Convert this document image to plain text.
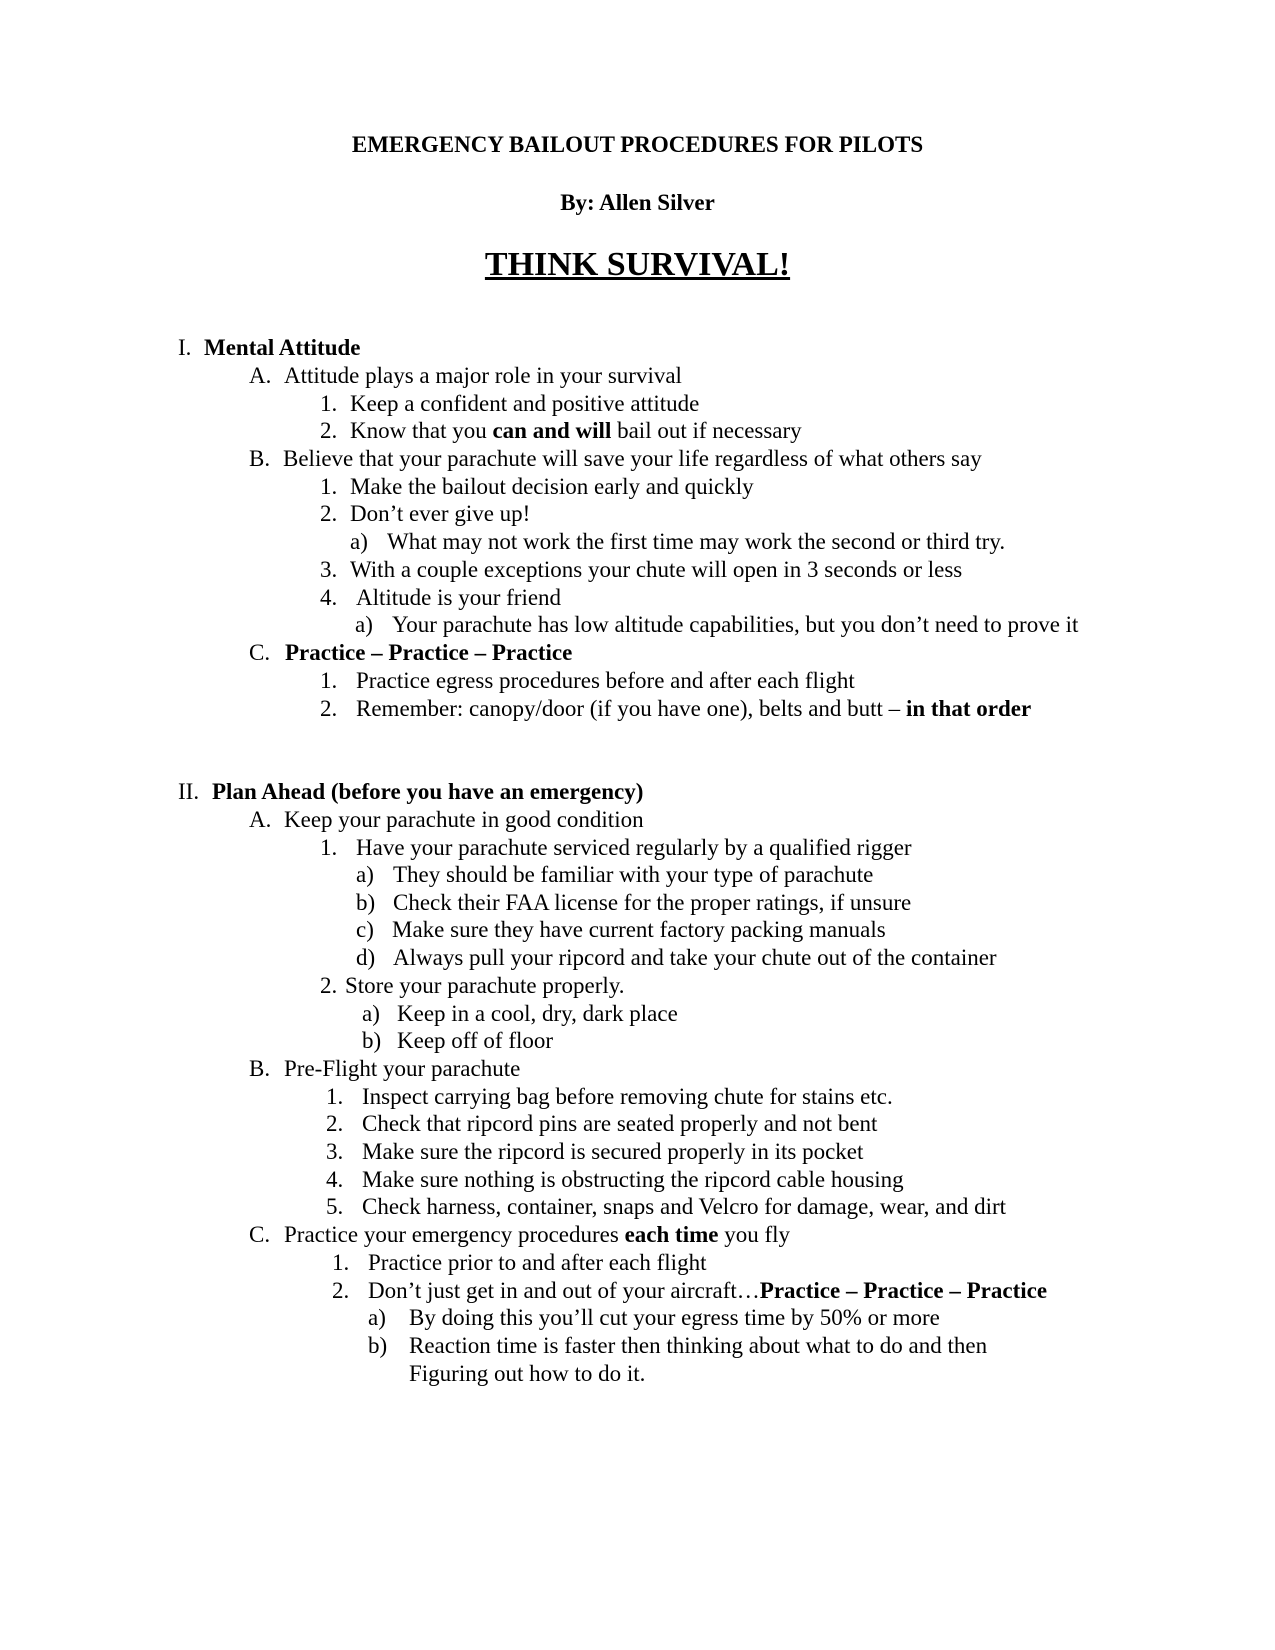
EMERGENCY BAILOUT PROCEDURES FOR PILOTS
By: Allen Silver
THINK SURVIVAL!
I. Mental Attitude
A. Attitude plays a major role in your survival
1. Keep a confident and positive attitude
2. Know that you can and will bail out if necessary
B. Believe that your parachute will save your life regardless of what others say
1. Make the bailout decision early and quickly
2. Don’t ever give up!
a) What may not work the first time may work the second or third try.
3. With a couple exceptions your chute will open in 3 seconds or less
4. Altitude is your friend
a) Your parachute has low altitude capabilities, but you don’t need to prove it
C. Practice – Practice – Practice
1. Practice egress procedures before and after each flight
2. Remember: canopy/door (if you have one), belts and butt – in that order
II. Plan Ahead (before you have an emergency)
A. Keep your parachute in good condition
1. Have your parachute serviced regularly by a qualified rigger
a) They should be familiar with your type of parachute
b) Check their FAA license for the proper ratings, if unsure
c) Make sure they have current factory packing manuals
d) Always pull your ripcord and take your chute out of the container
2. Store your parachute properly.
a) Keep in a cool, dry, dark place
b) Keep off of floor
B. Pre-Flight your parachute
1. Inspect carrying bag before removing chute for stains etc.
2. Check that ripcord pins are seated properly and not bent
3. Make sure the ripcord is secured properly in its pocket
4. Make sure nothing is obstructing the ripcord cable housing
5. Check harness, container, snaps and Velcro for damage, wear, and dirt
C. Practice your emergency procedures each time you fly
1. Practice prior to and after each flight
2. Don’t just get in and out of your aircraft…Practice – Practice – Practice
a) By doing this you’ll cut your egress time by 50% or more
b) Reaction time is faster then thinking about what to do and then
Figuring out how to do it.
